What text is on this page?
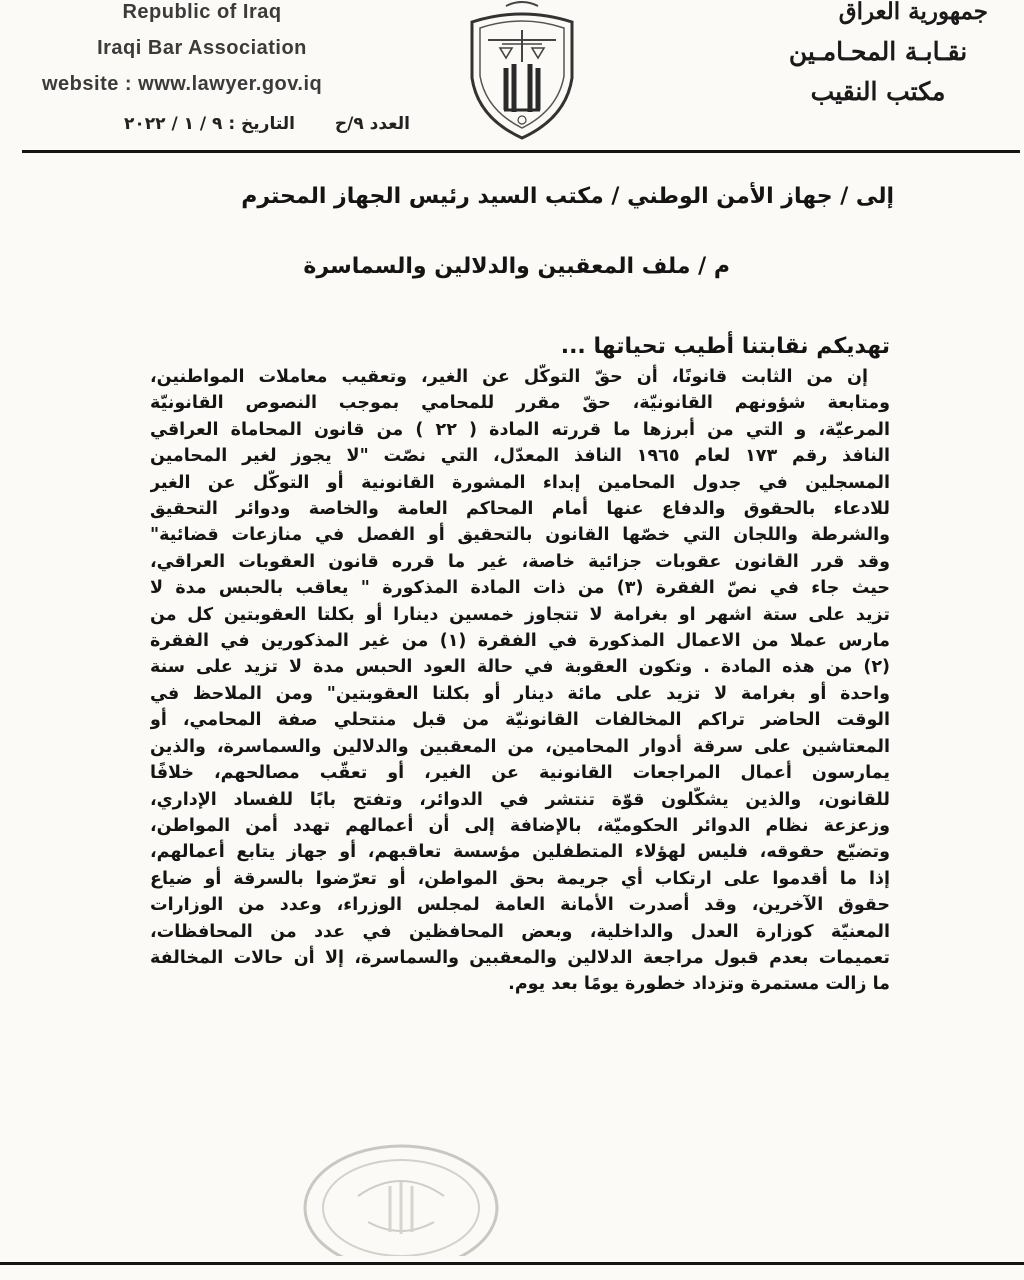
Republic of Iraq
Iraqi Bar Association
website : www.lawyer.gov.iq
العدد ٩/ح  التاريخ : ٩ / ١ / ٢٠٢٢
جمهورية العراق
نقـابـة المحـامـين
مكتب النقيب
إلى / جهاز الأمن الوطني / مكتب السيد رئيس الجهاز المحترم
م / ملف المعقبين والدلالين والسماسرة
تهديكم نقابتنا أطيب تحياتها ...
إن من الثابت قانونًا، أن حقّ التوكّل عن الغير، وتعقيب معاملات المواطنين،
ومتابعة شؤونهم القانونيّة، حقّ مقرر للمحامي بموجب النصوص القانونيّة
المرعيّة، و التي من أبرزها ما قررته المادة ( ٢٢ ) من قانون المحاماة العراقي
النافذ رقم ١٧٣ لعام ١٩٦٥ النافذ المعدّل، التي نصّت "لا يجوز لغير المحامين
المسجلين في جدول المحامين إبداء المشورة القانونية أو التوكّل عن الغير
للادعاء بالحقوق والدفاع عنها أمام المحاكم العامة والخاصة ودوائر التحقيق
والشرطة واللجان التي خصّها القانون بالتحقيق أو الفصل في منازعات قضائية"
وقد قرر القانون عقوبات جزائية خاصة، غير ما قرره قانون العقوبات العراقي،
حيث جاء في نصّ الفقرة (٣) من ذات المادة المذكورة " يعاقب بالحبس مدة لا
تزيد على ستة اشهر او بغرامة لا تتجاوز خمسين دينارا أو بكلتا العقوبتين كل من
مارس عملا من الاعمال المذكورة في الفقرة (١) من غير المذكورين في الفقرة
(٢) من هذه المادة . وتكون العقوبة في حالة العود الحبس مدة لا تزيد على سنة
واحدة أو بغرامة لا تزيد على مائة دينار أو بكلتا العقوبتين" ومن الملاحظ في
الوقت الحاضر تراكم المخالفات القانونيّة من قبل منتحلي صفة المحامي، أو
المعتاشين على سرقة أدوار المحامين، من المعقبين والدلالين والسماسرة، والذين
يمارسون أعمال المراجعات القانونية عن الغير، أو تعقّب مصالحهم، خلافًا
للقانون، والذين يشكّلون قوّة تنتشر في الدوائر، وتفتح بابًا للفساد الإداري،
وزعزعة نظام الدوائر الحكوميّة، بالإضافة إلى أن أعمالهم تهدد أمن المواطن،
وتضيّع حقوقه، فليس لهؤلاء المتطفلين مؤسسة تعاقبهم، أو جهاز يتابع أعمالهم،
إذا ما أقدموا على ارتكاب أي جريمة بحق المواطن، أو تعرّضوا بالسرقة أو ضياع
حقوق الآخرين، وقد أصدرت الأمانة العامة لمجلس الوزراء، وعدد من الوزارات
المعنيّة كوزارة العدل والداخلية، وبعض المحافظين في عدد من المحافظات،
تعميمات بعدم قبول مراجعة الدلالين والمعقبين والسماسرة، إلا أن حالات المخالفة
ما زالت مستمرة وتزداد خطورة يومًا بعد يوم.
